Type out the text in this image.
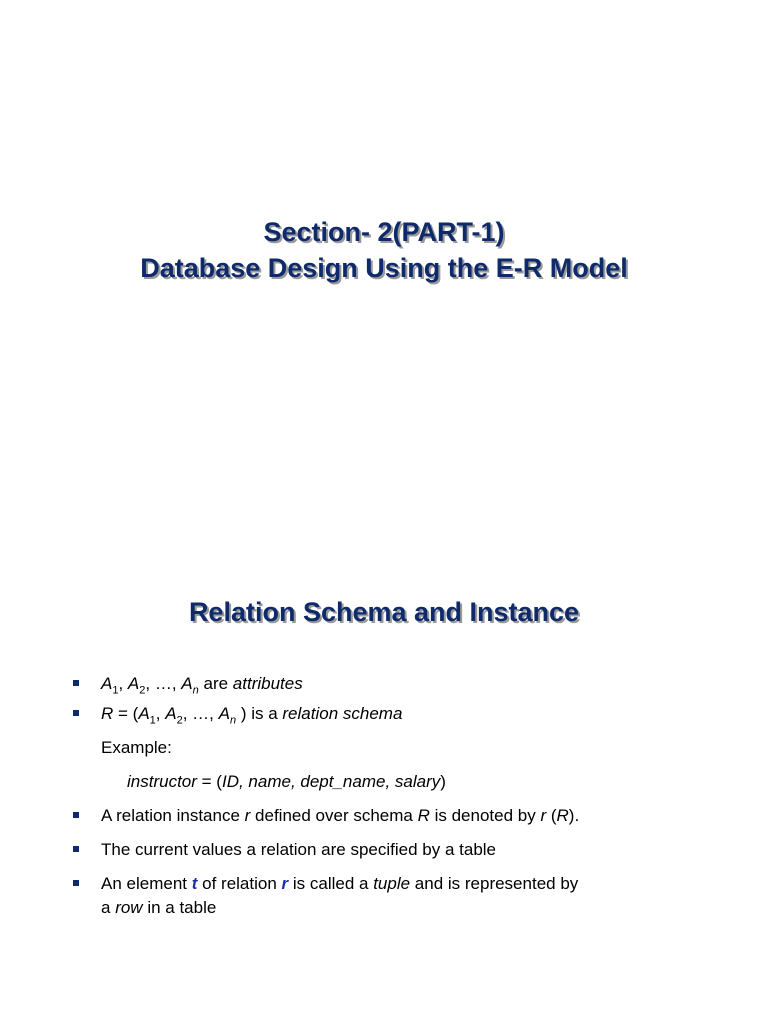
Section- 2(PART-1)
Database Design Using the E-R Model
Relation Schema and Instance
$A_1$, $A_2$, …, $A_n$ are attributes
$R = (A_1$, $A_2$, …, $A_n$ ) is a relation schema
Example:
instructor = (ID, name, dept_name, salary)
A relation instance r defined over schema R is denoted by r (R).
The current values a relation are specified by a table
An element t of relation r is called a tuple and is represented by
a row in a table
